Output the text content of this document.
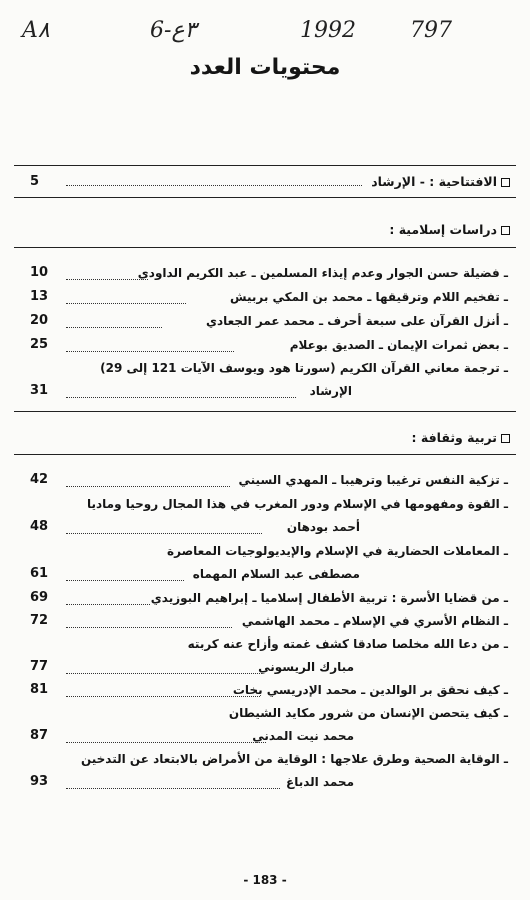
A٨	6-٣ع	1992 797
محتويات العدد
الافتتاحية : - الإرشاد
5
دراسات إسلامية :
ـ فضيلة حسن الجوار وعدم إيذاء المسلمين ـ عبد الكريم الداودي
10
ـ تفخيم اللام وترقيقها ـ محمد بن المكي بربيش
13
ـ أنزل القرآن على سبعة أحرف ـ محمد عمر الجعادي
20
ـ بعض ثمرات الإيمان ـ الصديق بوعلام
25
ـ ترجمة معاني القرآن الكريم (سورتا هود ويوسف الآيات 121 إلى 29)
الإرشاد
31
تربية وثقافة :
ـ تزكية النفس ترغيبا وترهيبا ـ المهدي السيني
42
ـ القوة ومفهومها في الإسلام ودور المغرب في هذا المجال روحيا وماديا
أحمد بودهان
48
ـ المعاملات الحضارية في الإسلام والإيديولوجيات المعاصرة
مصطفى عبد السلام المهماه
61
ـ من قضايا الأسرة : تربية الأطفال إسلاميا ـ إبراهيم البوزيدي
69
ـ النظام الأسري في الإسلام ـ محمد الهاشمي
72
ـ من دعا الله مخلصا صادقا كشف غمته وأزاح عنه كربته
مبارك الريسوني
77
ـ كيف نحقق بر الوالدين ـ محمد الإدريسي بخات
81
ـ كيف يتحصن الإنسان من شرور مكايد الشيطان
محمد نيت المدني
87
ـ الوقاية الصحية وطرق علاجها : الوقاية من الأمراض بالابتعاد عن التدخين
محمد الدباغ
93
- 183 -
